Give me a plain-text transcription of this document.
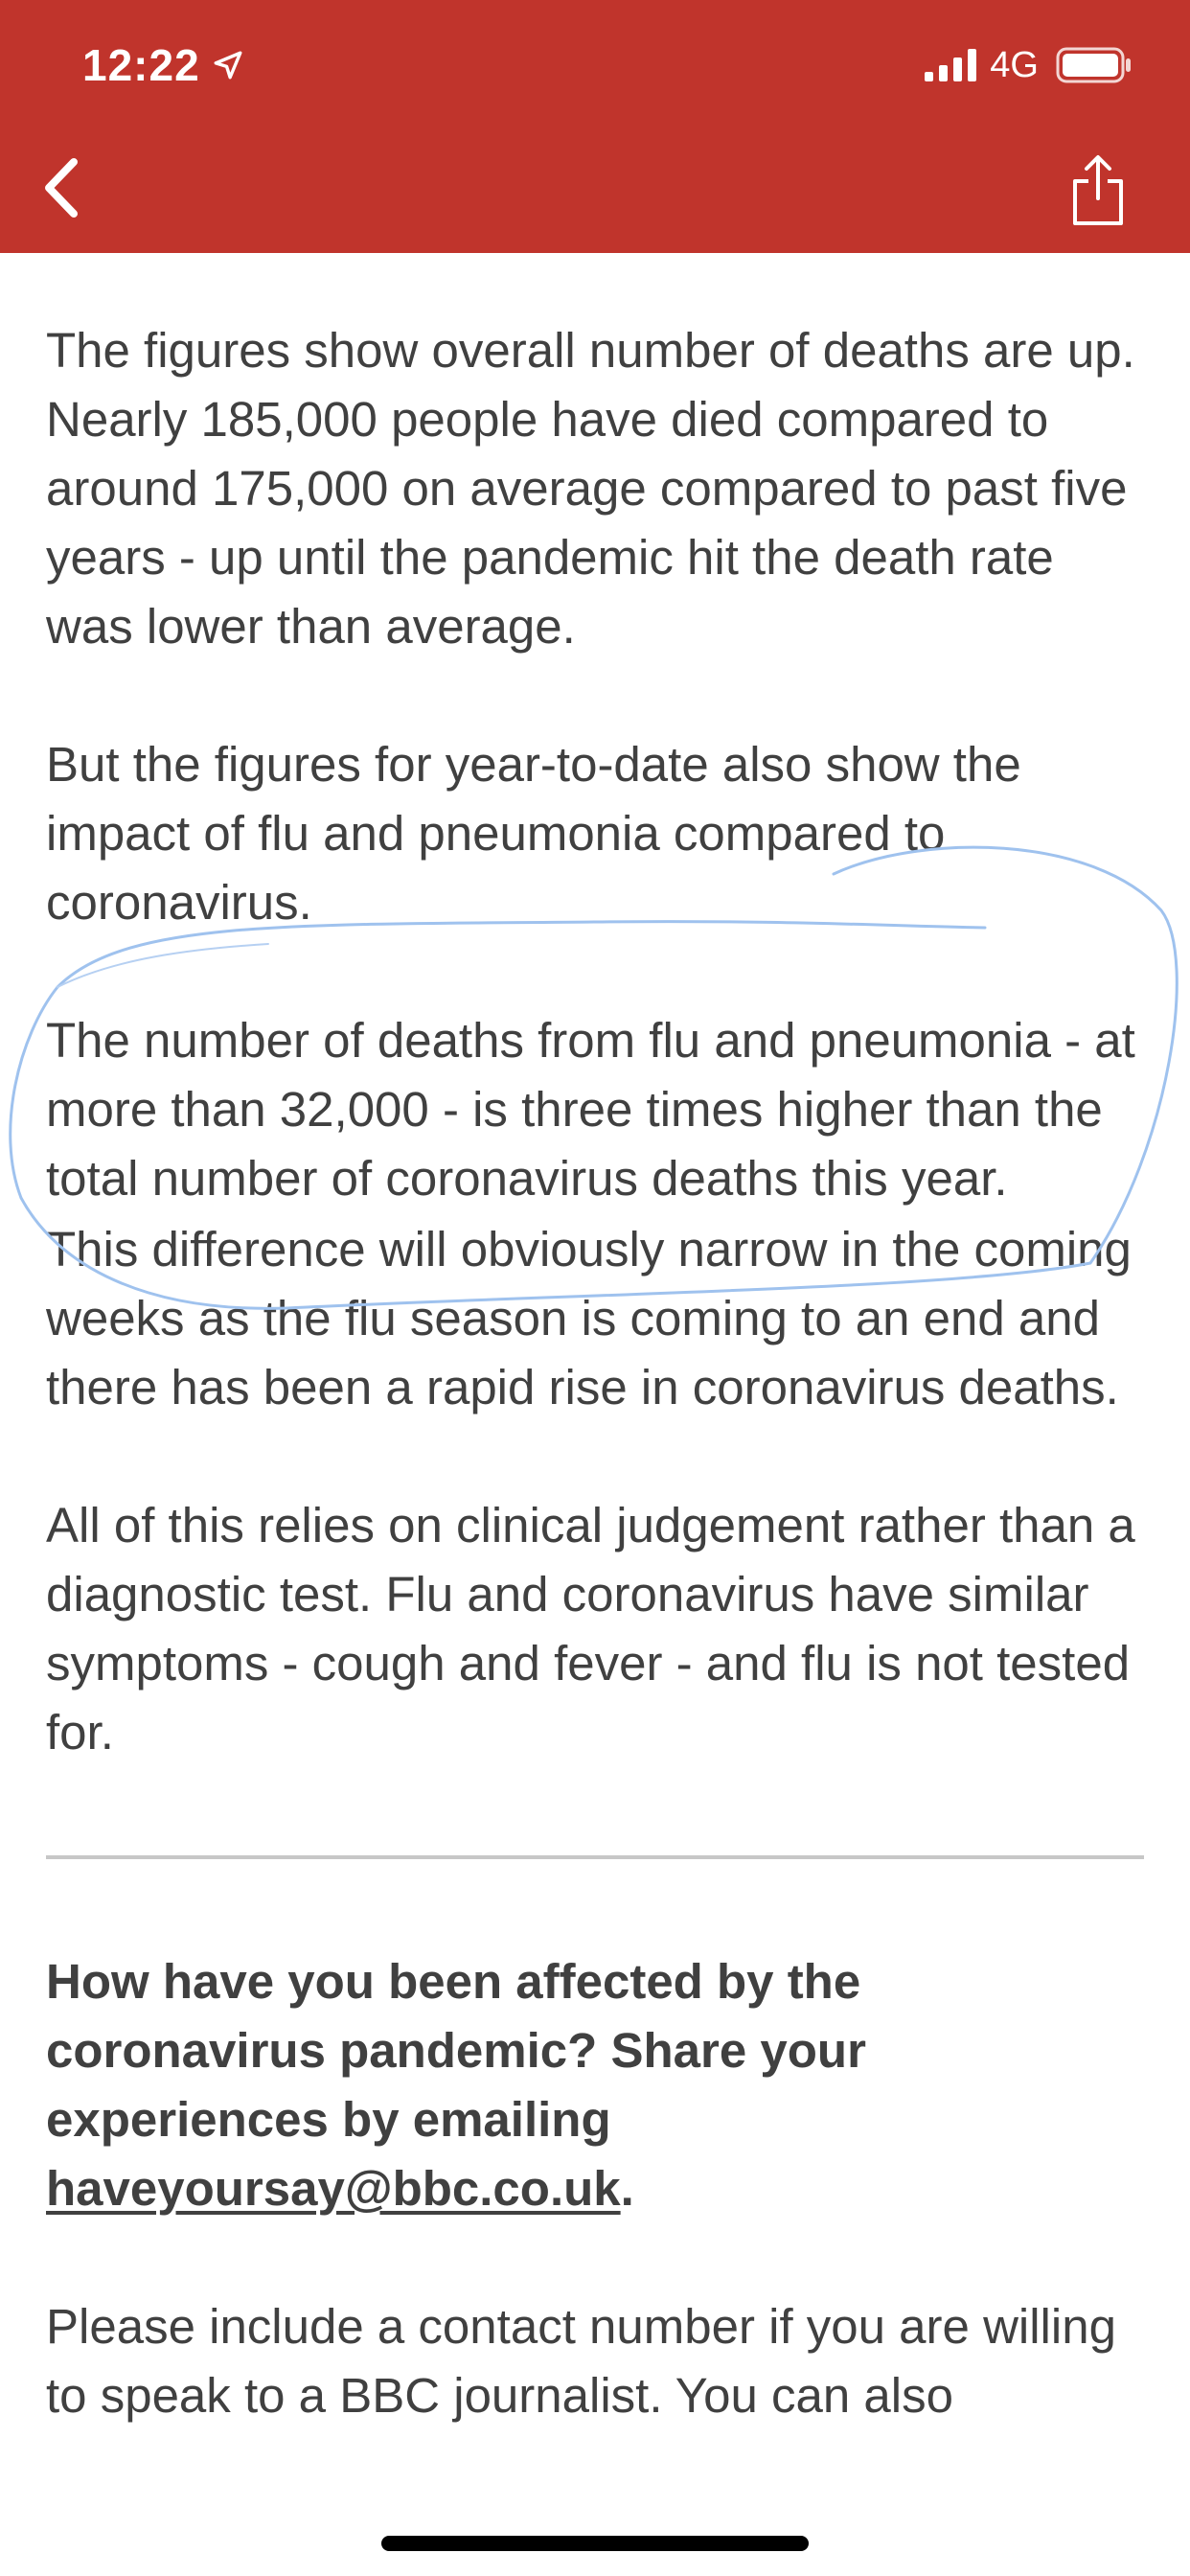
12:22	4G

The figures show overall number of deaths are up. Nearly 185,000 people have died compared to around 175,000 on average compared to past five years - up until the pandemic hit the death rate was lower than average.

But the figures for year-to-date also show the impact of flu and pneumonia compared to coronavirus.

The number of deaths from flu and pneumonia - at more than 32,000 - is three times higher than the total number of coronavirus deaths this year.

This difference will obviously narrow in the coming weeks as the flu season is coming to an end and there has been a rapid rise in coronavirus deaths.

All of this relies on clinical judgement rather than a diagnostic test. Flu and coronavirus have similar symptoms - cough and fever - and flu is not tested for.

How have you been affected by the coronavirus pandemic? Share your experiences by emailing haveyoursay@bbc.co.uk.

Please include a contact number if you are willing to speak to a BBC journalist. You can also
